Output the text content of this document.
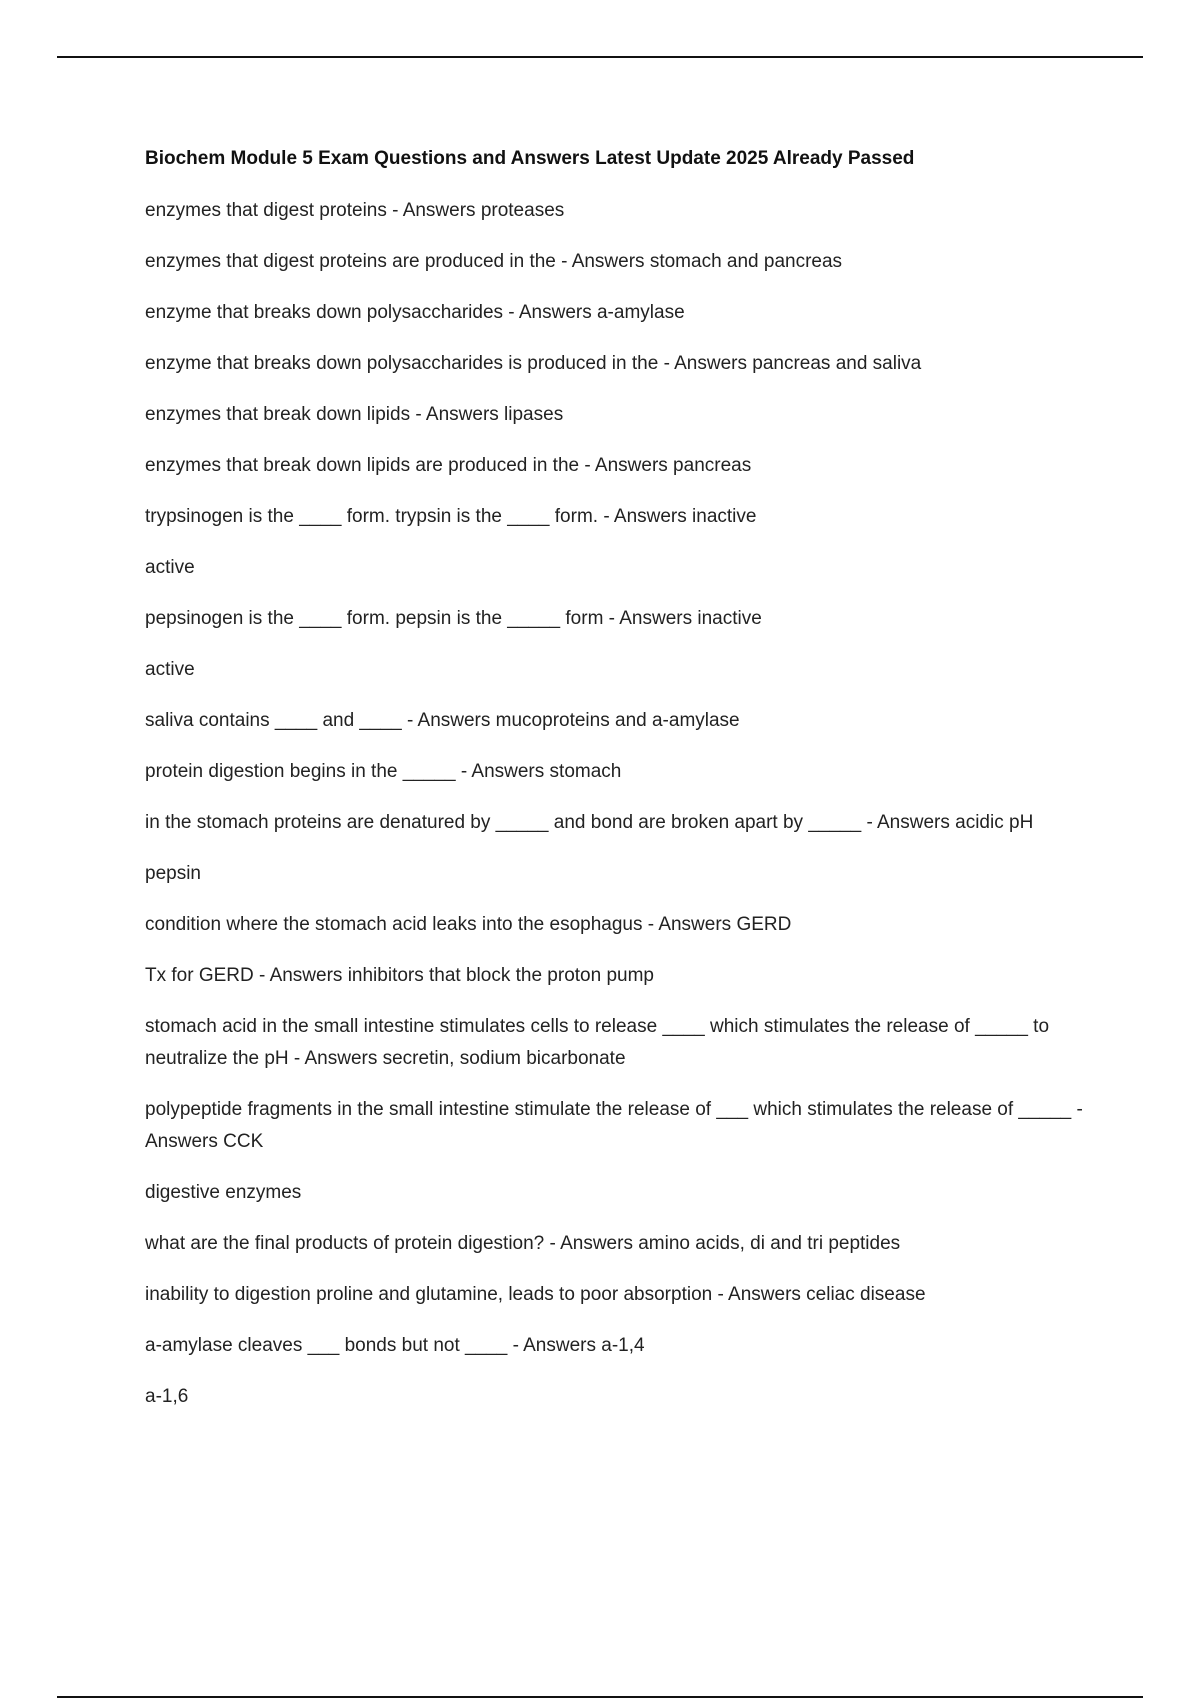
Biochem Module 5 Exam Questions and Answers Latest Update 2025 Already Passed
enzymes that digest proteins - Answers proteases
enzymes that digest proteins are produced in the - Answers stomach and pancreas
enzyme that breaks down polysaccharides - Answers a-amylase
enzyme that breaks down polysaccharides is produced in the - Answers pancreas and saliva
enzymes that break down lipids - Answers lipases
enzymes that break down lipids are produced in the - Answers pancreas
trypsinogen is the ____ form. trypsin is the ____ form. - Answers inactive
active
pepsinogen is the ____ form. pepsin is the _____ form - Answers inactive
active
saliva contains ____ and ____ - Answers mucoproteins and a-amylase
protein digestion begins in the _____ - Answers stomach
in the stomach proteins are denatured by _____ and bond are broken apart by _____ - Answers acidic pH
pepsin
condition where the stomach acid leaks into the esophagus - Answers GERD
Tx for GERD - Answers inhibitors that block the proton pump
stomach acid in the small intestine stimulates cells to release ____ which stimulates the release of _____ to neutralize the pH - Answers secretin, sodium bicarbonate
polypeptide fragments in the small intestine stimulate the release of ___ which stimulates the release of _____ - Answers CCK
digestive enzymes
what are the final products of protein digestion? - Answers amino acids, di and tri peptides
inability to digestion proline and glutamine, leads to poor absorption - Answers celiac disease
a-amylase cleaves ___ bonds but not ____ - Answers a-1,4
a-1,6
